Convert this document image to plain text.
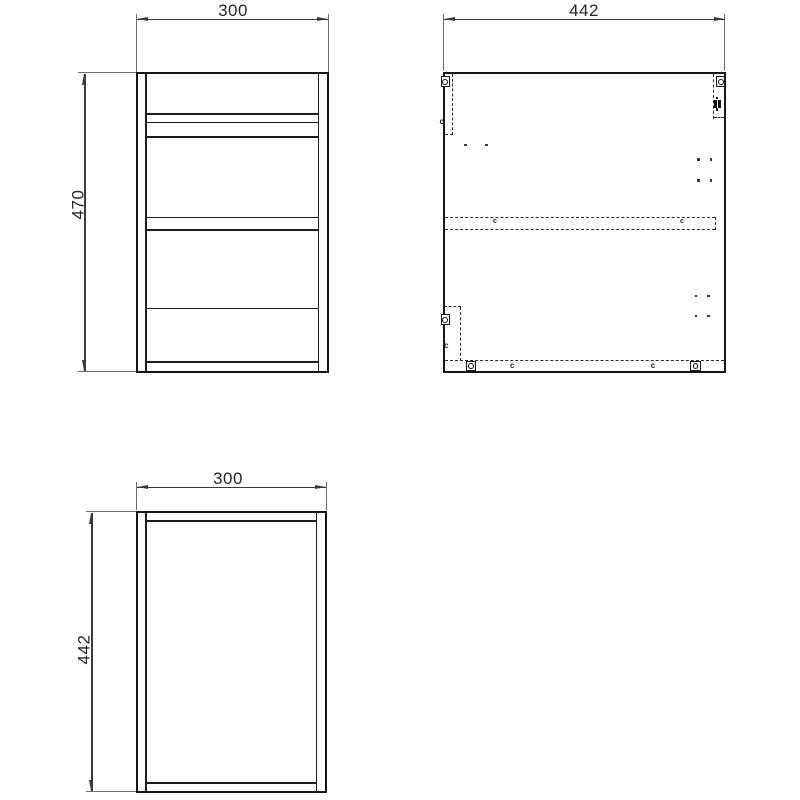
300
470
442
c
c	c
c
c	c
300
442
